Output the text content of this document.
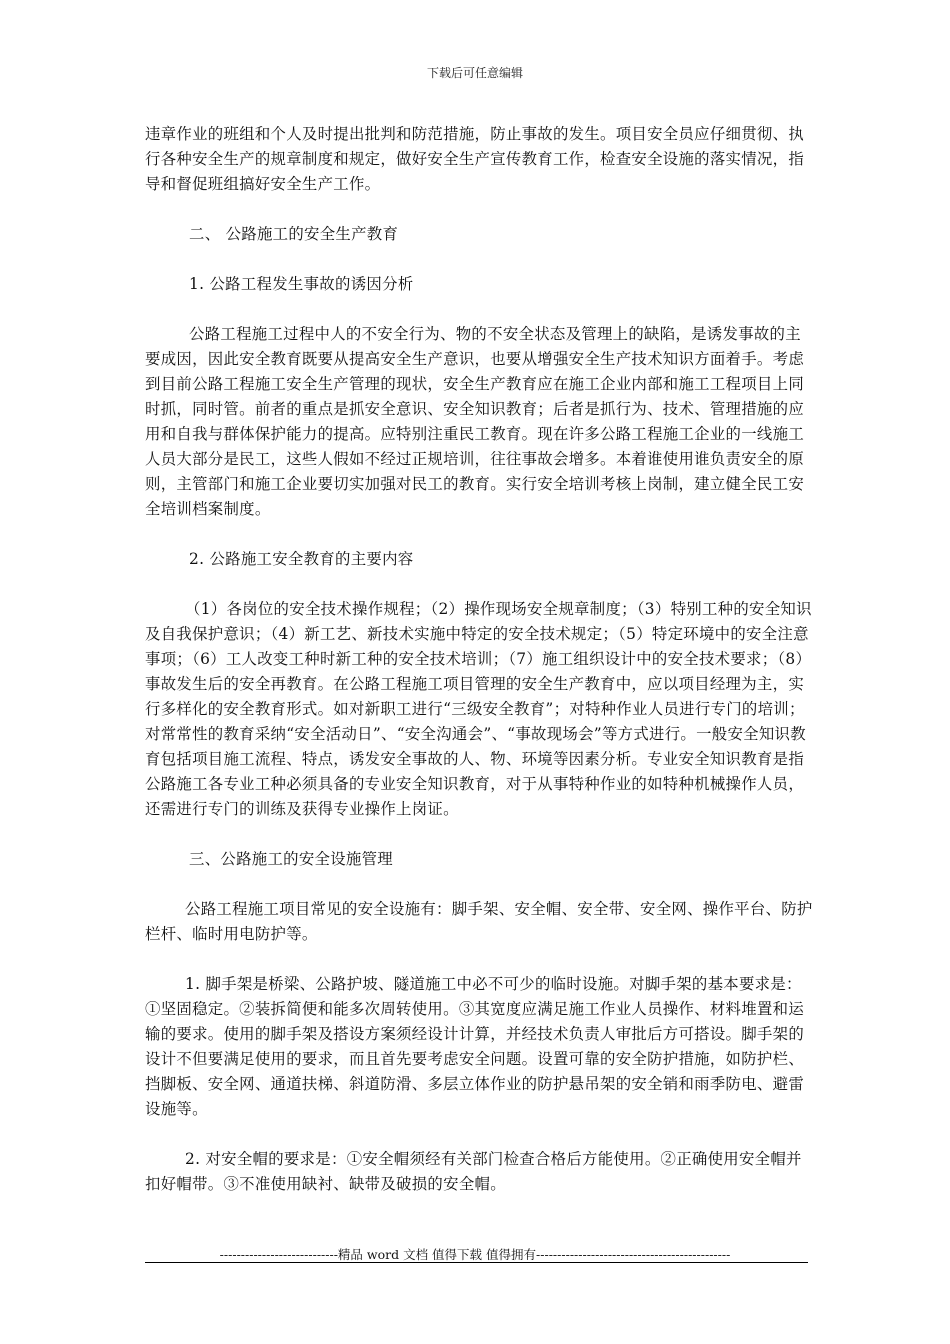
下载后可任意编辑

违章作业的班组和个人及时提出批判和防范措施，防止事故的发生。项目安全员应仔细贯彻、执行各种安全生产的规章制度和规定，做好安全生产宣传教育工作，检查安全设施的落实情况，指导和督促班组搞好安全生产工作。

二、 公路施工的安全生产教育

1. 公路工程发生事故的诱因分析

公路工程施工过程中人的不安全行为、物的不安全状态及管理上的缺陷，是诱发事故的主要成因，因此安全教育既要从提高安全生产意识，也要从增强安全生产技术知识方面着手。考虑到目前公路工程施工安全生产管理的现状，安全生产教育应在施工企业内部和施工工程项目上同时抓，同时管。前者的重点是抓安全意识、安全知识教育；后者是抓行为、技术、管理措施的应用和自我与群体保护能力的提高。应特别注重民工教育。现在许多公路工程施工企业的一线施工人员大部分是民工，这些人假如不经过正规培训，往往事故会增多。本着谁使用谁负责安全的原则，主管部门和施工企业要切实加强对民工的教育。实行安全培训考核上岗制，建立健全民工安全培训档案制度。

2. 公路施工安全教育的主要内容

（1）各岗位的安全技术操作规程；（2）操作现场安全规章制度；（3）特别工种的安全知识及自我保护意识；（4）新工艺、新技术实施中特定的安全技术规定；（5）特定环境中的安全注意事项；（6）工人改变工种时新工种的安全技术培训；（7）施工组织设计中的安全技术要求；（8）事故发生后的安全再教育。在公路工程施工项目管理的安全生产教育中，应以项目经理为主，实行多样化的安全教育形式。如对新职工进行“三级安全教育”；对特种作业人员进行专门的培训；对常常性的教育采纳“安全活动日”、“安全沟通会”、“事故现场会”等方式进行。一般安全知识教育包括项目施工流程、特点，诱发安全事故的人、物、环境等因素分析。专业安全知识教育是指公路施工各专业工种必须具备的专业安全知识教育，对于从事特种作业的如特种机械操作人员，还需进行专门的训练及获得专业操作上岗证。

三、公路施工的安全设施管理

公路工程施工项目常见的安全设施有：脚手架、安全帽、安全带、安全网、操作平台、防护栏杆、临时用电防护等。

1. 脚手架是桥梁、公路护坡、隧道施工中必不可少的临时设施。对脚手架的基本要求是：①坚固稳定。②装拆简便和能多次周转使用。③其宽度应满足施工作业人员操作、材料堆置和运输的要求。使用的脚手架及搭设方案须经设计计算，并经技术负责人审批后方可搭设。脚手架的设计不但要满足使用的要求，而且首先要考虑安全问题。设置可靠的安全防护措施，如防护栏、挡脚板、安全网、通道扶梯、斜道防滑、多层立体作业的防护悬吊架的安全销和雨季防电、避雷设施等。

2. 对安全帽的要求是：①安全帽须经有关部门检查合格后方能使用。②正确使用安全帽并扣好帽带。③不准使用缺衬、缺带及破损的安全帽。

----------------------------精品 word 文档 值得下载 值得拥有----------------------------------------------
